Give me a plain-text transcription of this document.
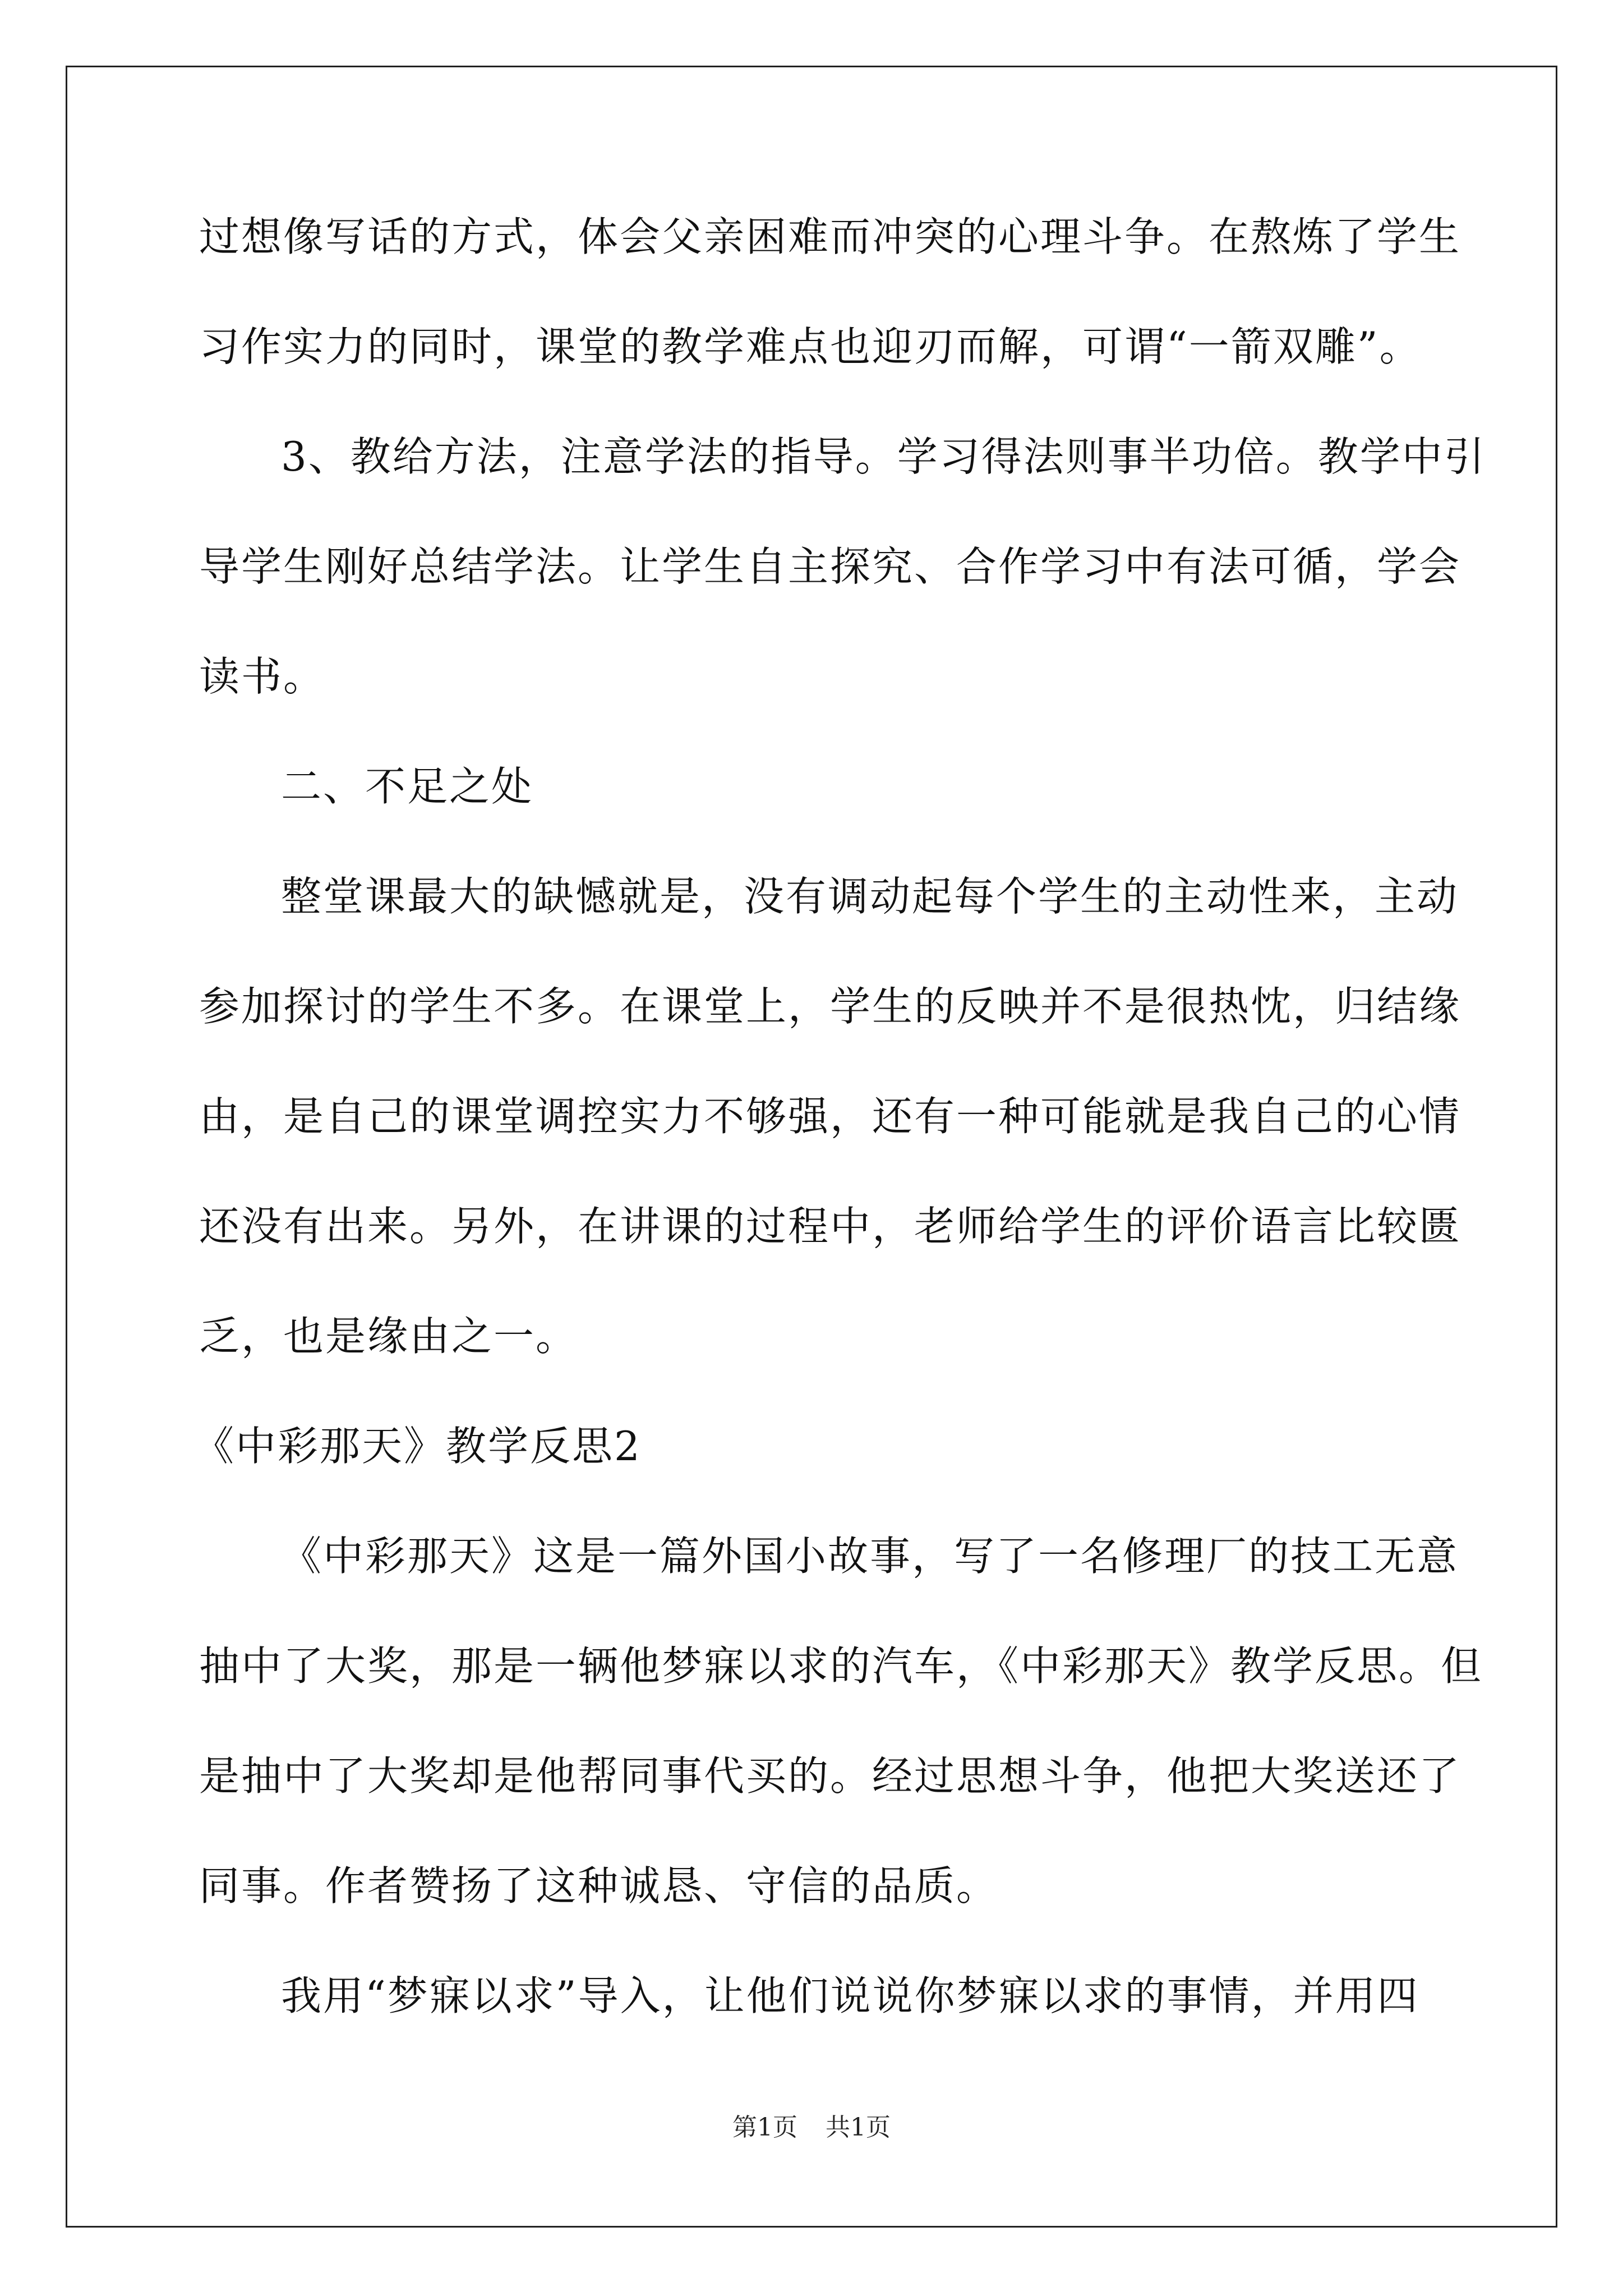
过想像写话的方式，体会父亲困难而冲突的心理斗争。在熬炼了学生
习作实力的同时，课堂的教学难点也迎刃而解，可谓“一箭双雕”。
3、教给方法，注意学法的指导。学习得法则事半功倍。教学中引
导学生刚好总结学法。让学生自主探究、合作学习中有法可循，学会
读书。
二、不足之处
整堂课最大的缺憾就是，没有调动起每个学生的主动性来，主动
参加探讨的学生不多。在课堂上，学生的反映并不是很热忱，归结缘
由，是自己的课堂调控实力不够强，还有一种可能就是我自己的心情
还没有出来。另外，在讲课的过程中，老师给学生的评价语言比较匮
乏，也是缘由之一。
《中彩那天》教学反思2
《中彩那天》这是一篇外国小故事，写了一名修理厂的技工无意
抽中了大奖，那是一辆他梦寐以求的汽车，《中彩那天》教学反思。但
是抽中了大奖却是他帮同事代买的。经过思想斗争，他把大奖送还了
同事。作者赞扬了这种诚恳、守信的品质。
我用“梦寐以求”导入，让他们说说你梦寐以求的事情，并用四
第1页 共1页
